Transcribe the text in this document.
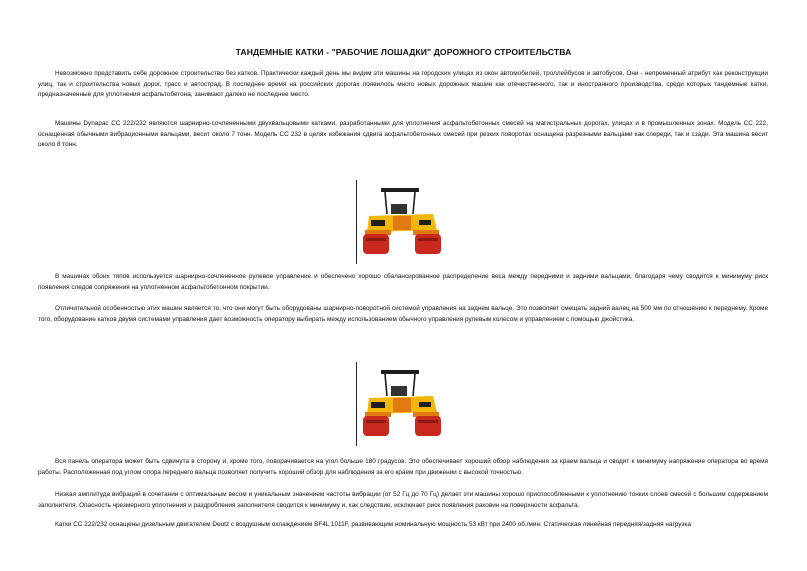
ТАНДЕМНЫЕ КАТКИ - "РАБОЧИЕ ЛОШАДКИ" ДОРОЖНОГО СТРОИТЕЛЬСТВА

Невозможно представить себе дорожное строительство без катков. Практически каждый день мы видим эти машины на городских улицах из окон автомобилей, троллейбусов и автобусов. Они - непременный атрибут как реконструкции улиц, так и строительства новых дорог, трасс и автострад. В последнее время на российских дорогах появилось много новых дорожных машин как отечественного, так и иностранного производства, среди которых тандемные катки, предназначенные для уплотнения асфальтобетона, занимают далеко не последнее место.

Машины Dynapac CC 222/232 являются шарнирно-сочлененными двухвальцовыми катками, разработанными для уплотнения асфальтобетонных смесей на магистральных дорогах, улицах и в промышленных зонах. Модель CC 222, оснащенная обычными вибрационными вальцами, весит около 7 тонн. Модель CC 232 в целях избежания сдвига асфальтобетонных смесей при резких поворотах оснащена разрезными вальцами как спереди, так и сзади. Эта машина весит около 8 тонн.

В машинах обоих типов используется шарнирно-сочлененное рулевое управление и обеспечено хорошо сбалансированное распределение веса между передними и задними вальцами, благодаря чему сводится к минимуму риск появления следов сопряжения на уплотненном асфальтобетонном покрытии.

Отличительной особенностью этих машин является то, что они могут быть оборудованы шарнирно-поворотной системой управления на заднем вальце. Это позволяет смещать задний валец на 500 мм по отношению к переднему. Кроме того, оборудование катков двумя системами управления дает возможность оператору выбирать между использованием обычного управления рулевым колесом и управлением с помощью джойстика.

Вся панель оператора может быть сдвинута в сторону и, кроме того, поворачивается на угол больше 180 градусов. Это обеспечивает хороший обзор наблюдения за краем вальца и сводит к минимуму напряжение оператора во время работы. Расположенная под углом опора переднего вальца позволяет получить хороший обзор для наблюдения за его краем при движении с высокой точностью.

Низкая амплитуда вибраций в сочетании с оптимальным весом и уникальным значением частоты вибрации (от 52 Гц до 70 Гц) делает эти машины хорошо приспособленными к уплотнению тонких слоев смесей с большим содержанием заполнителя. Опасность чрезмерного уплотнения и раздробления заполнителя сводится к минимуму и, как следствие, исключает риск появления раковин на поверхности асфальта.

Катки CC 222/232 оснащены дизельным двигателем Deutz с воздушным охлаждением BF4L 1011F, развивающим номинальную мощность 53 кВт при 2400 об./мин. Статическая линейная передняя/задняя нагрузка
